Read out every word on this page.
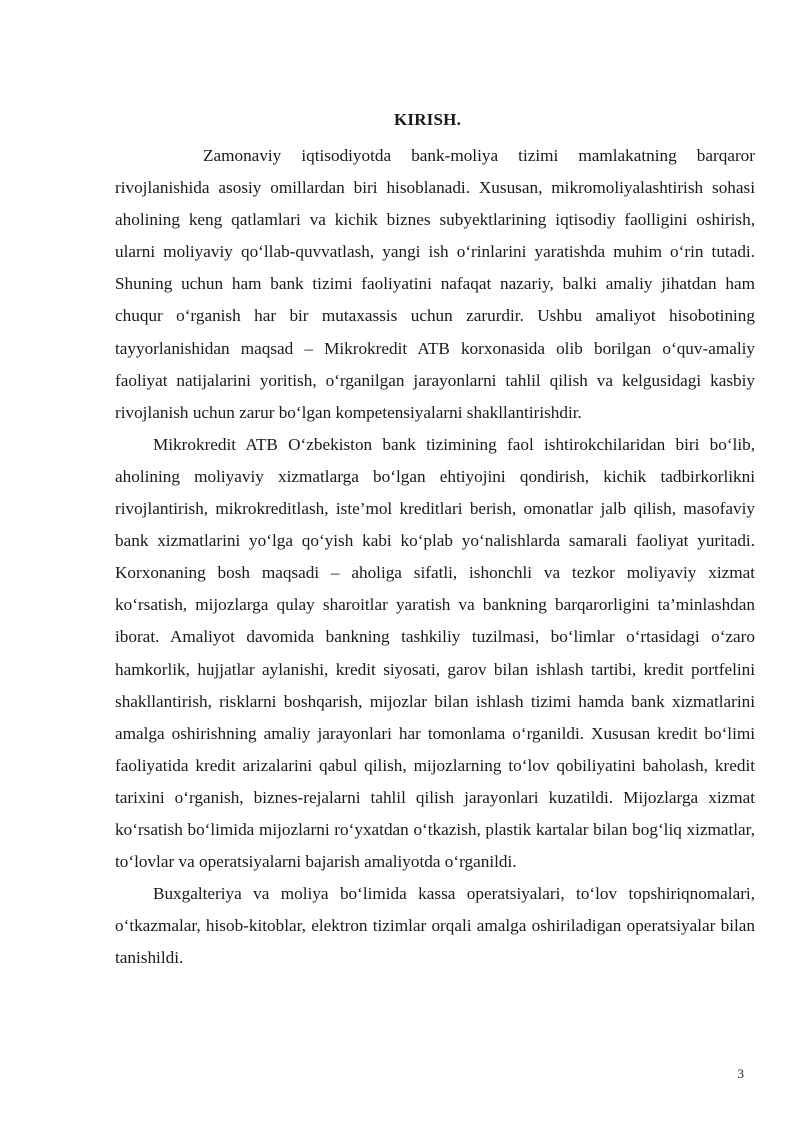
KIRISH.

Zamonaviy iqtisodiyotda bank-moliya tizimi mamlakatning barqaror rivojlanishida asosiy omillardan biri hisoblanadi. Xususan, mikromoliyalashtirish sohasi aholining keng qatlamlari va kichik biznes subyektlarining iqtisodiy faolligini oshirish, ularni moliyaviy qo‘llab-quvvatlash, yangi ish o‘rinlarini yaratishda muhim o‘rin tutadi. Shuning uchun ham bank tizimi faoliyatini nafaqat nazariy, balki amaliy jihatdan ham chuqur o‘rganish har bir mutaxassis uchun zarurdir. Ushbu amaliyot hisobotining tayyorlanishidan maqsad – Mikrokredit ATB korxonasida olib borilgan o‘quv-amaliy faoliyat natijalarini yoritish, o‘rganilgan jarayonlarni tahlil qilish va kelgusidagi kasbiy rivojlanish uchun zarur bo‘lgan kompetensiyalarni shakllantirishdir.

Mikrokredit ATB O‘zbekiston bank tizimining faol ishtirokchilaridan biri bo‘lib, aholining moliyaviy xizmatlarga bo‘lgan ehtiyojini qondirish, kichik tadbirkorlikni rivojlantirish, mikrokreditlash, iste’mol kreditlari berish, omonatlar jalb qilish, masofaviy bank xizmatlarini yo‘lga qo‘yish kabi ko‘plab yo‘nalishlarda samarali faoliyat yuritadi. Korxonaning bosh maqsadi – aholiga sifatli, ishonchli va tezkor moliyaviy xizmat ko‘rsatish, mijozlarga qulay sharoitlar yaratish va bankning barqarorligini ta’minlashdan iborat. Amaliyot davomida bankning tashkiliy tuzilmasi, bo‘limlar o‘rtasidagi o‘zaro hamkorlik, hujjatlar aylanishi, kredit siyosati, garov bilan ishlash tartibi, kredit portfelini shakllantirish, risklarni boshqarish, mijozlar bilan ishlash tizimi hamda bank xizmatlarini amalga oshirishning amaliy jarayonlari har tomonlama o‘rganildi. Xususan kredit bo‘limi faoliyatida kredit arizalarini qabul qilish, mijozlarning to‘lov qobiliyatini baholash, kredit tarixini o‘rganish, biznes-rejalarni tahlil qilish jarayonlari kuzatildi. Mijozlarga xizmat ko‘rsatish bo‘limida mijozlarni ro‘yxatdan o‘tkazish, plastik kartalar bilan bog‘liq xizmatlar, to‘lovlar va operatsiyalarni bajarish amaliyotda o‘rganildi.

Buxgalteriya va moliya bo‘limida kassa operatsiyalari, to‘lov topshiriqnomalari, o‘tkazmalar, hisob-kitoblar, elektron tizimlar orqali amalga oshiriladigan operatsiyalar bilan tanishildi.

3
